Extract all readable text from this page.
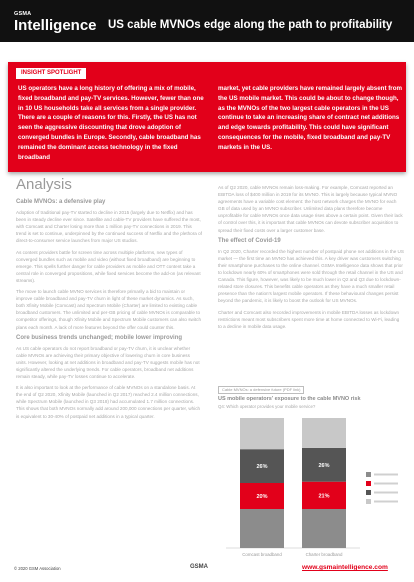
GSMA
Intelligence US cable MVNOs edge along the path to profitability
INSIGHT SPOTLIGHT
US operators have a long history of offering a mix of mobile, fixed broadband and pay-TV services. However, fewer than one in 10 US households take all services from a single provider. There are a couple of reasons for this. Firstly, the US has not seen the aggressive discounting that drove adoption of converged bundles in Europe. Secondly, cable broadband has remained the dominant access technology in the fixed broadband
market, yet cable providers have remained largely absent from the US mobile market. This could be about to change though, as the MVNOs of the two largest cable operators in the US continue to take an increasing share of contract net additions and edge towards profitability. This could have significant consequences for the mobile, fixed broadband and pay-TV markets in the US.
Analysis
Cable MVNOs: a defensive play

Adoption of traditional pay-TV started to decline in 2015 (largely due to Netflix) and has been in steady decline ever since. Satellite and cable-TV providers have suffered the most, with Comcast and Charter losing more than 1 million pay-TV connections in 2019. This trend is set to continue, underpinned by the continued success of Netflix and the plethora of direct-to-consumer service launches from major US studios.

As content providers battle for screen time across multiple platforms, new types of converged bundles such as mobile and video (without fixed broadband) are beginning to emerge. This spells further danger for cable providers as mobile and OTT content take a central role in converged propositions, while fixed services become the add-on (as relevant streams).

The move to launch cable MVNO services is therefore primarily a bid to maintain or improve cable broadband and pay-TV churn in light of these market dynamics. As such, both Xfinity Mobile (Comcast) and Spectrum Mobile (Charter) are limited to existing cable broadband customers. The unlimited and per-GB pricing of cable MVNOs is comparable to competitor offerings, though Xfinity Mobile and Spectrum Mobile customers can also switch plans each month. A lack of more features beyond the offer could counter this.

Core business trends unchanged; mobile lower improving

As US cable operators do not report broadband or pay-TV churn, it is unclear whether cable MVNOs are achieving their primary objective of lowering churn in core business units. However, looking at net additions in broadband and pay-TV suggests mobile has not significantly altered the underlying trends. For cable operators, broadband net additions remain steady, while pay-TV losses continue to accelerate.

It is also important to look at the performance of cable MVNOs on a standalone basis. At the end of Q2 2020, Xfinity Mobile (launched in Q2 2017) reached 2.4 million connections, while Spectrum Mobile (launched in Q3 2018) had accumulated 1.7 million connections. This shows that both MVNOs normally add around 200,000 connections per quarter, which is equivalent to 30-40% of postpaid net additions in a typical quarter.

As of Q2 2020, cable MVNOs remain loss-making. For example, Comcast reported an EBITDA loss of $400 million in 2019 for its MVNO. This is largely because typical MVNO agreements have a variable cost element: the host network charges the MVNO for each GB of data used by an MVNO subscriber. Unlimited data plans therefore become unprofitable for cable MVNOs once data usage rises above a certain point. Given their lack of control over this, it is important that cable MVNOs can devote subscriber acquisition to spread their fixed costs over a larger customer base.

The effect of Covid-19

In Q2 2020, Charter recorded the highest number of postpaid phone net additions in the US market — the first time an MVNO has achieved this. A key driver was customers switching their smartphone purchases to the online channel. GSMA Intelligence data shows that prior to lockdown nearly 60% of smartphones were sold through the retail channel in the US and Canada. This figure, however, was likely to be much lower in Q2 and Q3 due to lockdown-related store closures. This benefits cable operators as they have a much smaller retail presence than the nation's largest mobile operators. If these behavioural changes persist beyond the pandemic, it is likely to boost the outlook for US MVNOs.

Charter and Comcast also recorded improvements in mobile EBITDA losses as lockdown restrictions meant most subscribers spent more time at home connected to Wi-Fi, leading to a decline in mobile data usage.

Cable MVNOs: a defensive future (PDF link)
US mobile operators' exposure to the cable MVNO risk
Q4: Which operator provides your mobile service?
20%
26%
Comcast broadband
21%
26%
Charter broadband
© 2020 GSM Association	GSMA	www.gsmaintelligence.com
